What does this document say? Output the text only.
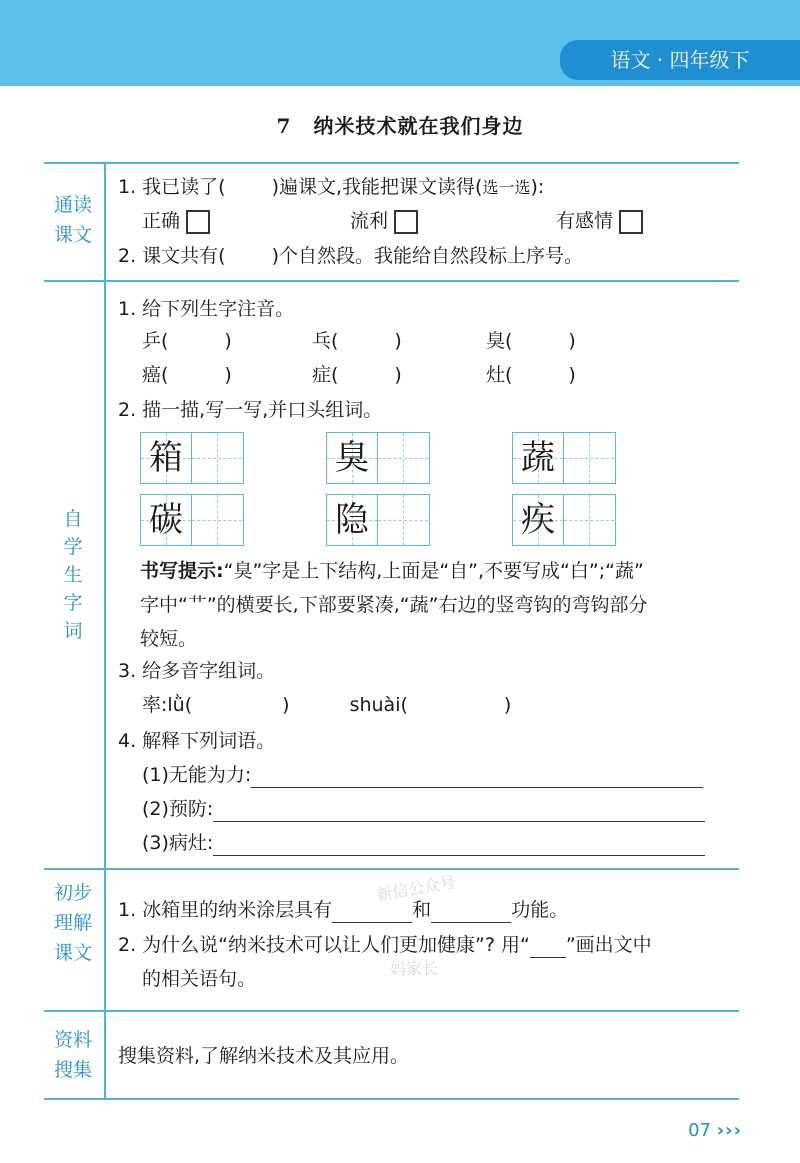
语文 · 四年级下
7 纳米技术就在我们身边
通读
课文
1. 我已读了( )遍课文,我能把课文读得(选一选):
正确	流利	有感情
2. 课文共有( )个自然段。我能给自然段标上序号。
自
学
生
字
词
1. 给下列生字注音。
乒(	)	乓(	)	臭(	)
癌(	)	症(	)	灶(	)
2. 描一描,写一写,并口头组词。
箱	臭	蔬
碳	隐	疾
书写提示:“臭”字是上下结构,上面是“自”,不要写成“白”;“蔬”
字中“艹”的横要长,下部要紧凑,“蔬”右边的竖弯钩的弯钩部分
较短。
3. 给多音字组词。
率:lǜ(	)	shuài(	)
4. 解释下列词语。
(1)无能为力:
(2)预防:
(3)病灶:
初步
理解
课文
1. 冰箱里的纳米涂层具有	和	功能。
2. 为什么说“纳米技术可以让人们更加健康”? 用“ ”画出文中
的相关语句。
新信公众号
妈家长
资料
搜集
搜集资料,了解纳米技术及其应用。
07 ›››
